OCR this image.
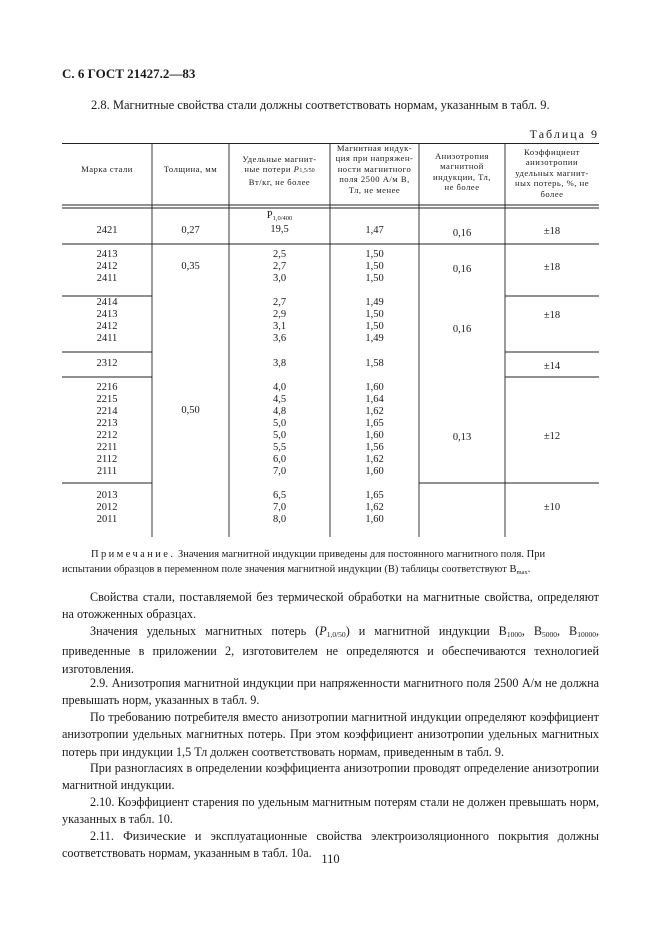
С. 6 ГОСТ 21427.2—83
2.8. Магнитные свойства стали должны соответствовать нормам, указанным в табл. 9.
Таблица 9
Марка стали	Толщина, мм
Удельные магнит-
ные потери P1,5/50
Вт/кг, не более
Магнитная индук-
ция при напряжен-
ности магнитного
поля 2500 А/м В,
Тл, не менее
Анизотропия
магнитной
индукции, Тл,
не более
Коэффициент
анизотропии
удельных магнит-
ных потерь, %, не
более
2421
2413
2412
2411
2414
2413
2412
2411
2312
2216
2215
2214
2213
2212
2211
2112
2111
2013
2012
2011
0,27
0,35
0,50
P1,0/400
19,5
2,5
2,7
3,0
2,7
2,9
3,1
3,6
3,8
4,0
4,5
4,8
5,0
5,0
5,5
6,0
7,0
6,5
7,0
8,0
1,47
1,50
1,50
1,50
1,49
1,50
1,50
1,49
1,58
1,60
1,64
1,62
1,65
1,60
1,56
1,62
1,60
1,65
1,62
1,60
0,16
0,16
0,16
0,13
±18
±18
±18
±14
±12
±10
Примечание. Значения магнитной индукции приведены для постоянного магнитного поля. При
испытании образцов в переменном поле значения магнитной индукции (В) таблицы соответствуют Bmax.
Свойства стали, поставляемой без термической обработки на магнитные свойства, определяют на отожженных образцах.
Значения удельных магнитных потерь (P1,0/50) и магнитной индукции B1000, B5000, B10000, приведенные в приложении 2, изготовителем не определяются и обеспечиваются технологией изготовления.
2.9. Анизотропия магнитной индукции при напряженности магнитного поля 2500 А/м не должна превышать норм, указанных в табл. 9.
По требованию потребителя вместо анизотропии магнитной индукции определяют коэффициент анизотропии удельных магнитных потерь. При этом коэффициент анизотропии удельных магнитных потерь при индукции 1,5 Тл должен соответствовать нормам, приведенным в табл. 9.
При разногласиях в определении коэффициента анизотропии проводят определение анизотропии магнитной индукции.
2.10. Коэффициент старения по удельным магнитным потерям стали не должен превышать норм, указанных в табл. 10.
2.11. Физические и эксплуатационные свойства электроизоляционного покрытия должны соответствовать нормам, указанным в табл. 10а. 110
